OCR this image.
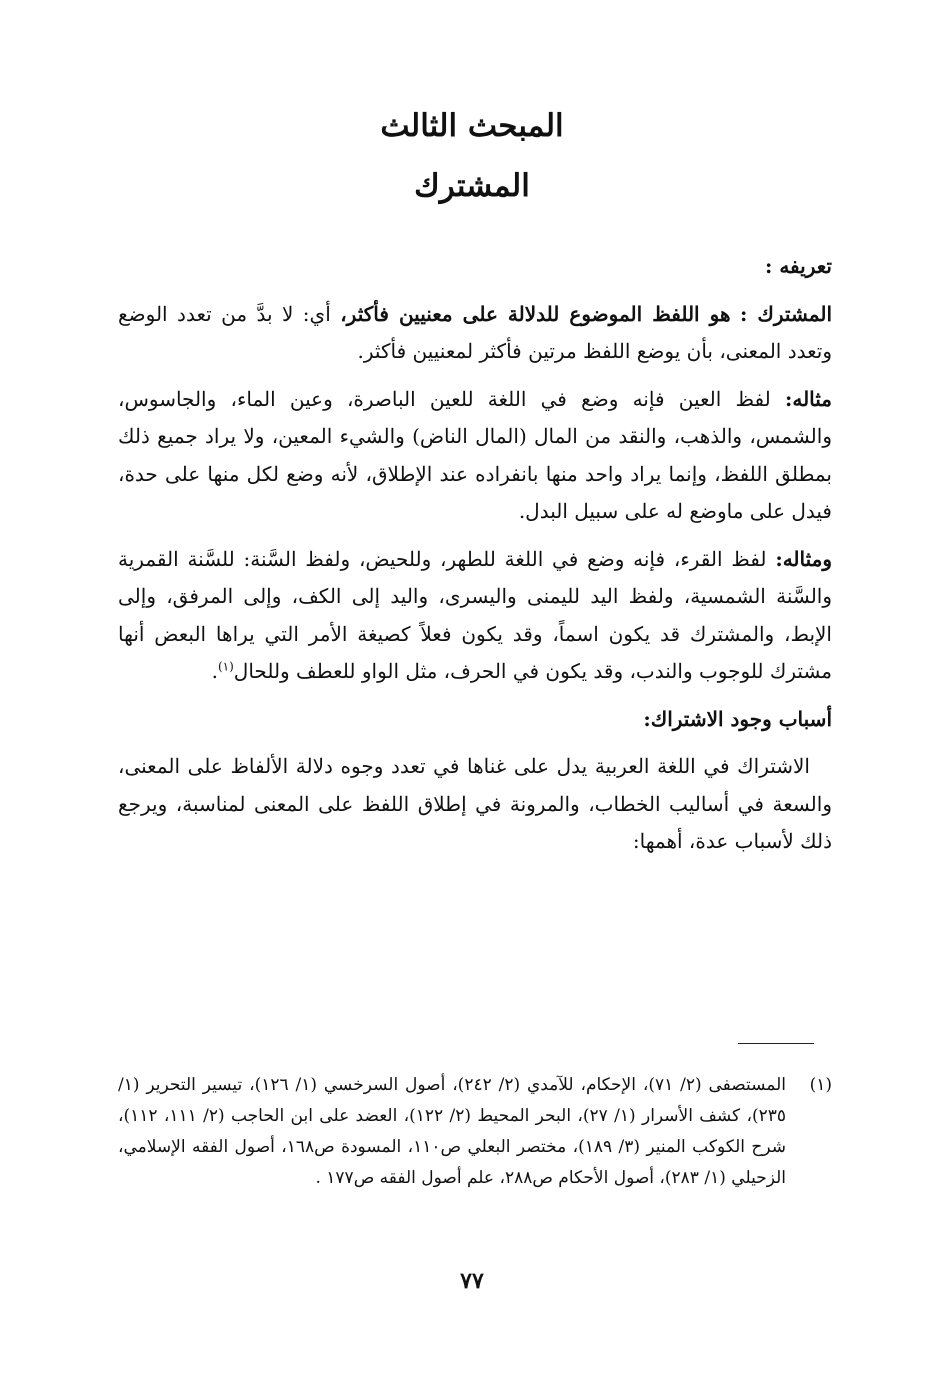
المبحث الثالث
المشترك

تعريفه :

المشترك : هو اللفظ الموضوع للدلالة على معنيين فأكثر، أي: لا بدَّ من تعدد الوضع وتعدد المعنى، بأن يوضع اللفظ مرتين فأكثر لمعنيين فأكثر.

مثاله: لفظ العين فإنه وضع في اللغة للعين الباصرة، وعين الماء، والجاسوس، والشمس، والذهب، والنقد من المال (المال الناض) والشيء المعين، ولا يراد جميع ذلك بمطلق اللفظ، وإنما يراد واحد منها بانفراده عند الإطلاق، لأنه وضع لكل منها على حدة، فيدل على ماوضع له على سبيل البدل.

ومثاله: لفظ القرء، فإنه وضع في اللغة للطهر، وللحيض، ولفظ السَّنة: للسَّنة القمرية والسَّنة الشمسية، ولفظ اليد لليمنى واليسرى، واليد إلى الكف، وإلى المرفق، وإلى الإبط، والمشترك قد يكون اسماً، وقد يكون فعلاً كصيغة الأمر التي يراها البعض أنها مشترك للوجوب والندب، وقد يكون في الحرف، مثل الواو للعطف وللحال$^{(١)}$.

أسباب وجود الاشتراك:

الاشتراك في اللغة العربية يدل على غناها في تعدد وجوه دلالة الألفاظ على المعنى، والسعة في أساليب الخطاب، والمرونة في إطلاق اللفظ على المعنى لمناسبة، ويرجع ذلك لأسباب عدة، أهمها:

(١)
المستصفى (٢/ ٧١)، الإحكام، للآمدي (٢/ ٢٤٢)، أصول السرخسي (١/ ١٢٦)، تيسير التحرير (١/ ٢٣٥)، كشف الأسرار (١/ ٢٧)، البحر المحيط (٢/ ١٢٢)، العضد على ابن الحاجب (٢/ ١١١، ١١٢)، شرح الكوكب المنير (٣/ ١٨٩)، مختصر البعلي ص١١٠، المسودة ص١٦٨، أصول الفقه الإسلامي، الزحيلي (١/ ٢٨٣)، أصول الأحكام ص٢٨٨، علم أصول الفقه ص١٧٧ .
٧٧
